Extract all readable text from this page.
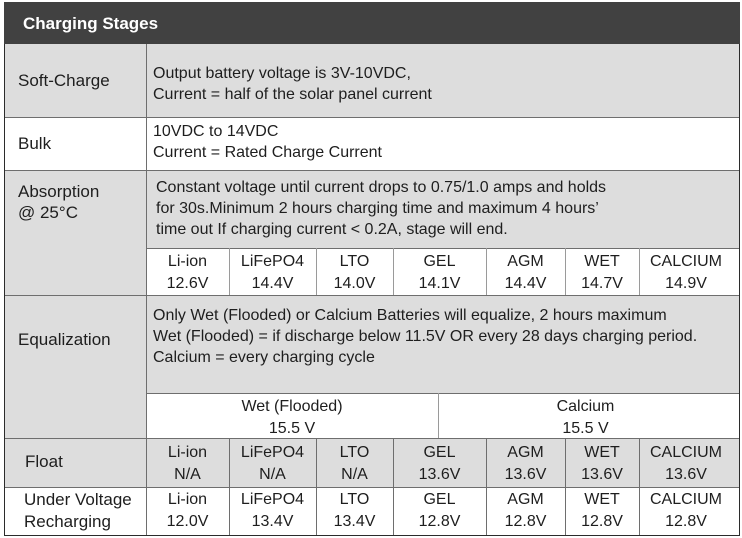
Charging Stages
Soft-Charge	Output battery voltage is 3V-10VDC,
Current = half of the solar panel current
Bulk
10VDC to 14VDC
Current = Rated Charge Current
Absorption
@ 25°C
Constant voltage until current drops to 0.75/1.0 amps and holds
for 30s.Minimum 2 hours charging time and maximum 4 hours’
time out If charging current < 0.2A, stage will end.
Li-ion
12.6V
LiFePO4
14.4V
LTO
14.0V
GEL
14.1V
AGM
14.4V
WET
14.7V
CALCIUM
14.9V
Equalization
Only Wet (Flooded) or Calcium Batteries will equalize, 2 hours maximum
Wet (Flooded) = if discharge below 11.5V OR every 28 days charging period.
Calcium = every charging cycle
Wet (Flooded)
15.5 V
Calcium
15.5 V
Float	Li-ion
N/A
LiFePO4
N/A
LTO
N/A
GEL
13.6V
AGM
13.6V
WET
13.6V
CALCIUM
13.6V
Under Voltage
Recharging
Li-ion
12.0V
LiFePO4
13.4V
LTO
13.4V
GEL
12.8V
AGM
12.8V
WET
12.8V
CALCIUM
12.8V
